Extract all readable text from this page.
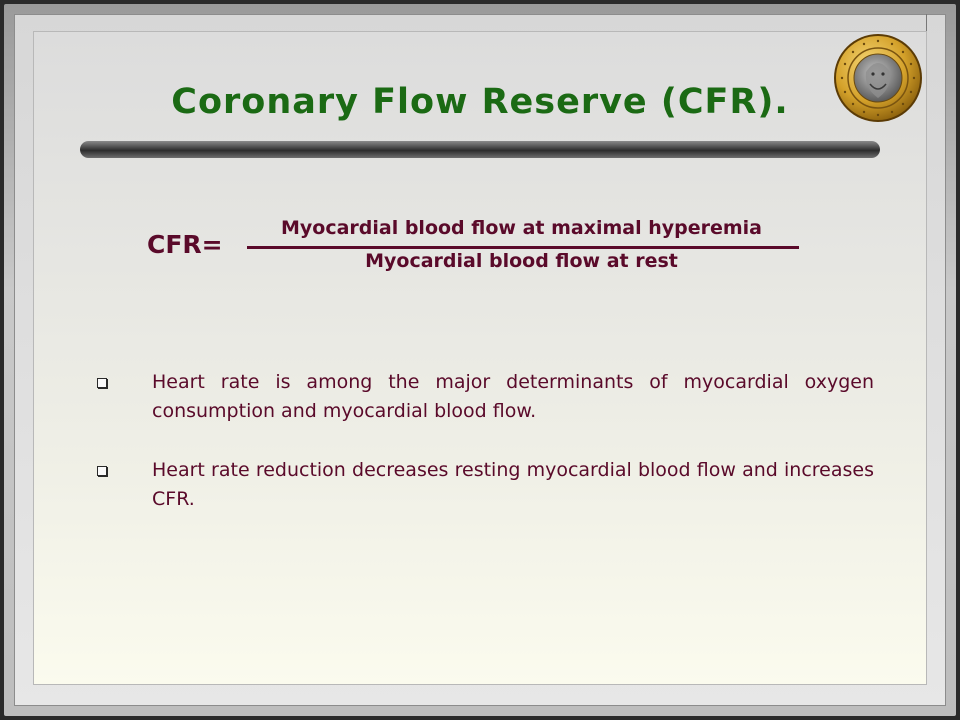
Coronary Flow Reserve (CFR).
CFR=
Myocardial blood flow at maximal hyperemia
Myocardial blood flow at rest
Heart rate is among the major determinants of myocardial oxygen consumption and myocardial blood flow.
Heart rate reduction decreases resting myocardial blood flow and increases CFR.
